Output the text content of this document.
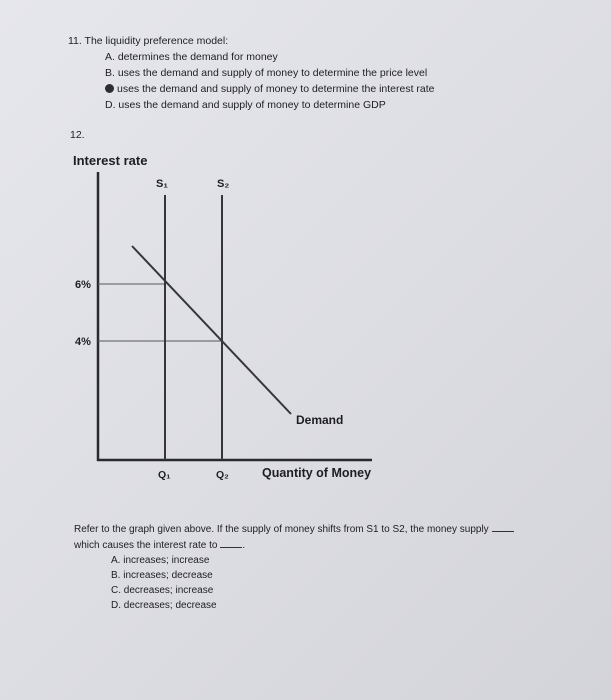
11. The liquidity preference model:
A. determines the demand for money
B. uses the demand and supply of money to determine the price level
uses the demand and supply of money to determine the interest rate
D. uses the demand and supply of money to determine GDP
12.
Interest rate
S₁	S₂
6%
4%
Demand
Q₁	Q₂	Quantity of Money
Refer to the graph given above. If the supply of money shifts from S1 to S2, the money supply
which causes the interest rate to	.
A. increases; increase
B. increases; decrease
C. decreases; increase
D. decreases; decrease
